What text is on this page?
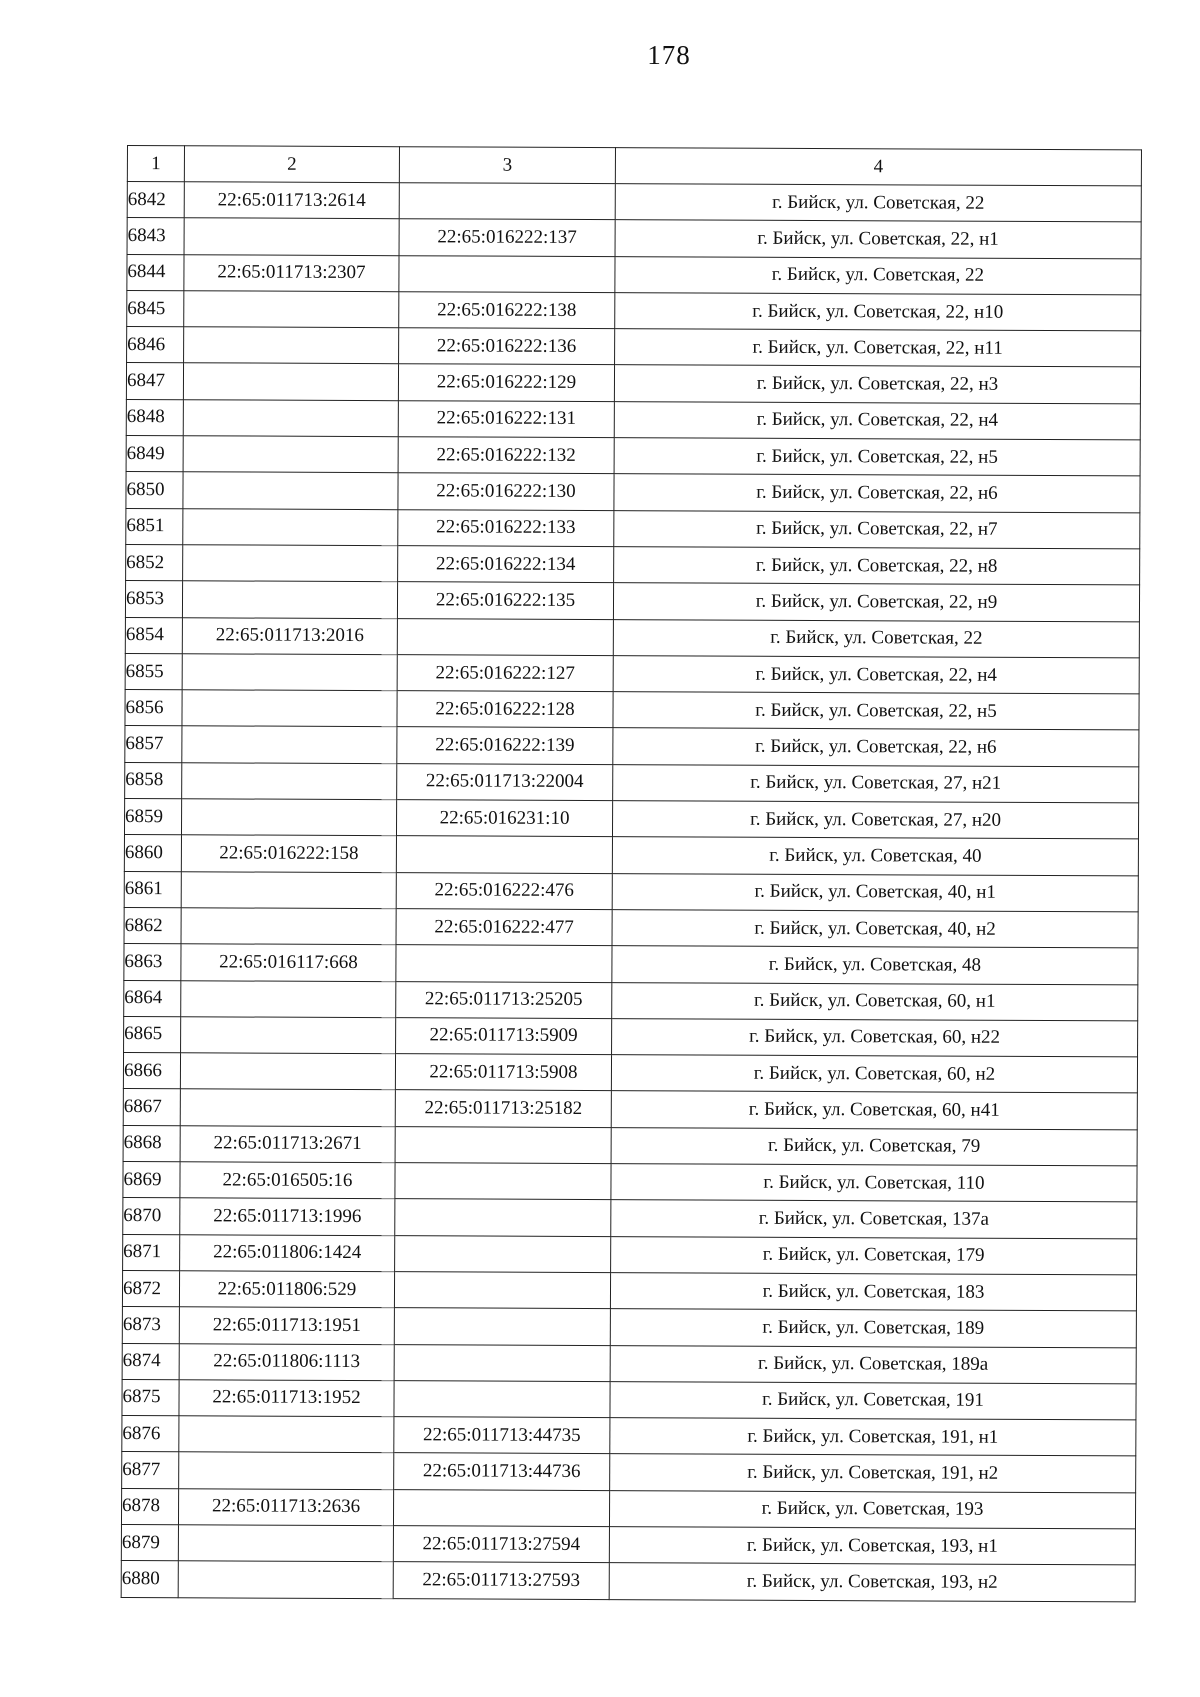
178
1	2	3	4
6842	22:65:011713:2614		г. Бийск, ул. Советская, 22
6843		22:65:016222:137	г. Бийск, ул. Советская, 22, н1
6844	22:65:011713:2307		г. Бийск, ул. Советская, 22
6845		22:65:016222:138	г. Бийск, ул. Советская, 22, н10
6846		22:65:016222:136	г. Бийск, ул. Советская, 22, н11
6847		22:65:016222:129	г. Бийск, ул. Советская, 22, н3
6848		22:65:016222:131	г. Бийск, ул. Советская, 22, н4
6849		22:65:016222:132	г. Бийск, ул. Советская, 22, н5
6850		22:65:016222:130	г. Бийск, ул. Советская, 22, н6
6851		22:65:016222:133	г. Бийск, ул. Советская, 22, н7
6852		22:65:016222:134	г. Бийск, ул. Советская, 22, н8
6853		22:65:016222:135	г. Бийск, ул. Советская, 22, н9
6854	22:65:011713:2016		г. Бийск, ул. Советская, 22
6855		22:65:016222:127	г. Бийск, ул. Советская, 22, н4
6856		22:65:016222:128	г. Бийск, ул. Советская, 22, н5
6857		22:65:016222:139	г. Бийск, ул. Советская, 22, н6
6858		22:65:011713:22004	г. Бийск, ул. Советская, 27, н21
6859		22:65:016231:10	г. Бийск, ул. Советская, 27, н20
6860	22:65:016222:158		г. Бийск, ул. Советская, 40
6861		22:65:016222:476	г. Бийск, ул. Советская, 40, н1
6862		22:65:016222:477	г. Бийск, ул. Советская, 40, н2
6863	22:65:016117:668		г. Бийск, ул. Советская, 48
6864		22:65:011713:25205	г. Бийск, ул. Советская, 60, н1
6865		22:65:011713:5909	г. Бийск, ул. Советская, 60, н22
6866		22:65:011713:5908	г. Бийск, ул. Советская, 60, н2
6867		22:65:011713:25182	г. Бийск, ул. Советская, 60, н41
6868	22:65:011713:2671		г. Бийск, ул. Советская, 79
6869	22:65:016505:16		г. Бийск, ул. Советская, 110
6870	22:65:011713:1996		г. Бийск, ул. Советская, 137а
6871	22:65:011806:1424		г. Бийск, ул. Советская, 179
6872	22:65:011806:529		г. Бийск, ул. Советская, 183
6873	22:65:011713:1951		г. Бийск, ул. Советская, 189
6874	22:65:011806:1113		г. Бийск, ул. Советская, 189а
6875	22:65:011713:1952		г. Бийск, ул. Советская, 191
6876		22:65:011713:44735	г. Бийск, ул. Советская, 191, н1
6877		22:65:011713:44736	г. Бийск, ул. Советская, 191, н2
6878	22:65:011713:2636		г. Бийск, ул. Советская, 193
6879		22:65:011713:27594	г. Бийск, ул. Советская, 193, н1
6880		22:65:011713:27593	г. Бийск, ул. Советская, 193, н2
